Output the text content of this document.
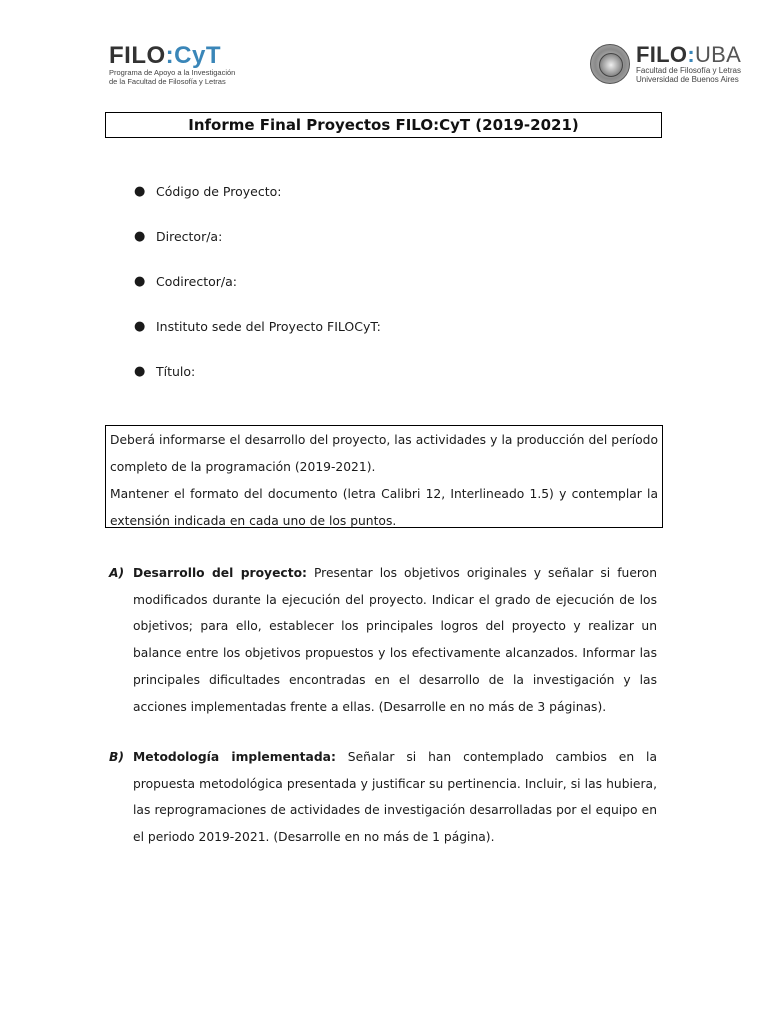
FILO:CyT
Programa de Apoyo a la Investigación
de la Facultad de Filosofía y Letras
FILO:UBA
Facultad de Filosofía y Letras
Universidad de Buenos Aires
Informe Final Proyectos FILO:CyT (2019-2021)
● Código de Proyecto:
● Director/a:
● Codirector/a:
● Instituto sede del Proyecto FILOCyT:
● Título:

Deberá informarse el desarrollo del proyecto, las actividades y la producción del período completo de la programación (2019-2021).

Mantener el formato del documento (letra Calibri 12, Interlineado 1.5) y contemplar la extensión indicada en cada uno de los puntos.

A) Desarrollo del proyecto: Presentar los objetivos originales y señalar si fueron modificados durante la ejecución del proyecto. Indicar el grado de ejecución de los objetivos; para ello, establecer los principales logros del proyecto y realizar un balance entre los objetivos propuestos y los efectivamente alcanzados. Informar las principales dificultades encontradas en el desarrollo de la investigación y las acciones implementadas frente a ellas. (Desarrolle en no más de 3 páginas).
B) Metodología implementada: Señalar si han contemplado cambios en la propuesta metodológica presentada y justificar su pertinencia. Incluir, si las hubiera, las reprogramaciones de actividades de investigación desarrolladas por el equipo en el periodo 2019-2021. (Desarrolle en no más de 1 página).
